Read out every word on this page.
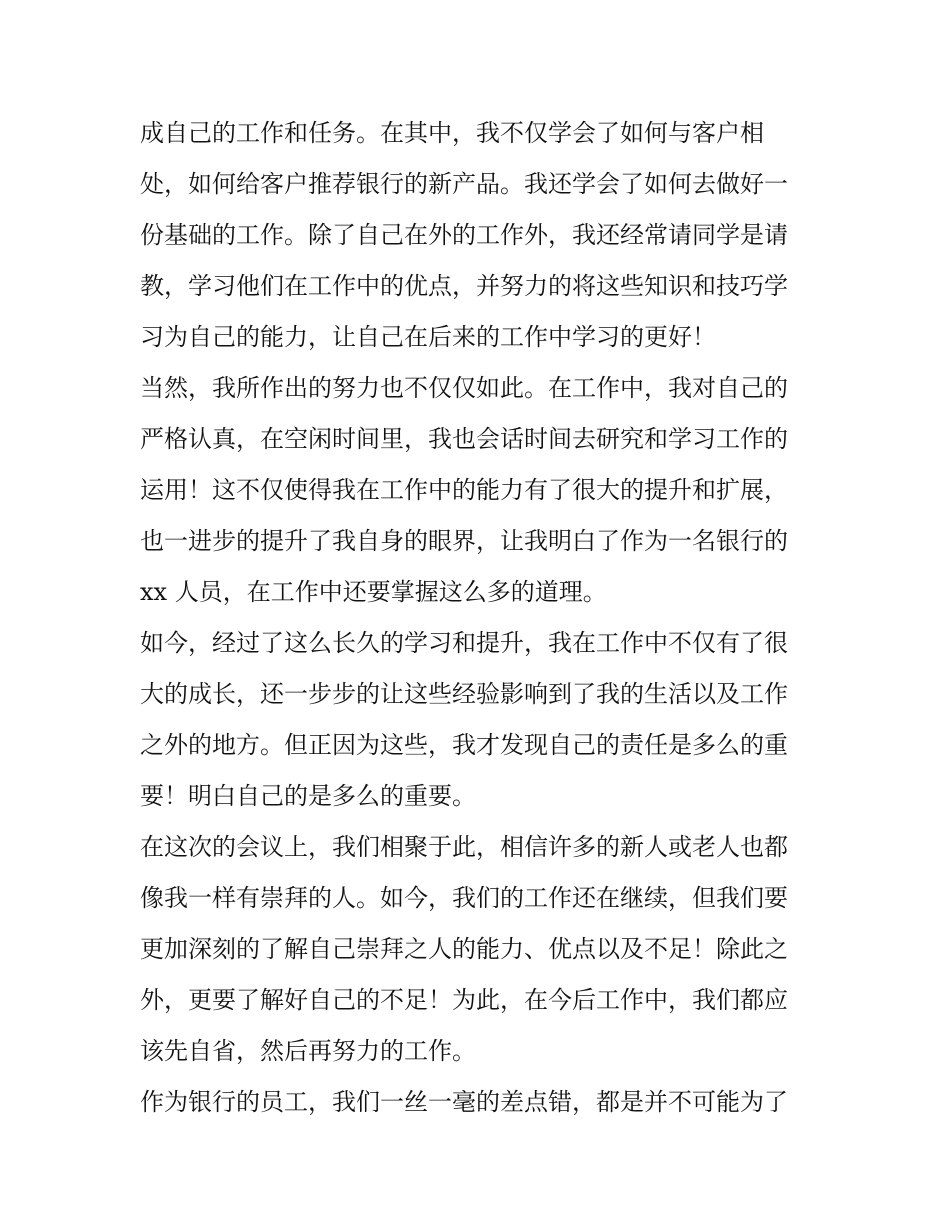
成自己的工作和任务。在其中，我不仅学会了如何与客户相
处，如何给客户推荐银行的新产品。我还学会了如何去做好一
份基础的工作。除了自己在外的工作外，我还经常请同学是请
教，学习他们在工作中的优点，并努力的将这些知识和技巧学
习为自己的能力，让自己在后来的工作中学习的更好！
当然，我所作出的努力也不仅仅如此。在工作中，我对自己的
严格认真，在空闲时间里，我也会话时间去研究和学习工作的
运用！这不仅使得我在工作中的能力有了很大的提升和扩展，
也一进步的提升了我自身的眼界，让我明白了作为一名银行的
xx 人员，在工作中还要掌握这么多的道理。
如今，经过了这么长久的学习和提升，我在工作中不仅有了很
大的成长，还一步步的让这些经验影响到了我的生活以及工作
之外的地方。但正因为这些，我才发现自己的责任是多么的重
要！明白自己的是多么的重要。
在这次的会议上，我们相聚于此，相信许多的新人或老人也都
像我一样有崇拜的人。如今，我们的工作还在继续，但我们要
更加深刻的了解自己崇拜之人的能力、优点以及不足！除此之
外，更要了解好自己的不足！为此，在今后工作中，我们都应
该先自省，然后再努力的工作。
作为银行的员工，我们一丝一毫的差点错，都是并不可能为了
